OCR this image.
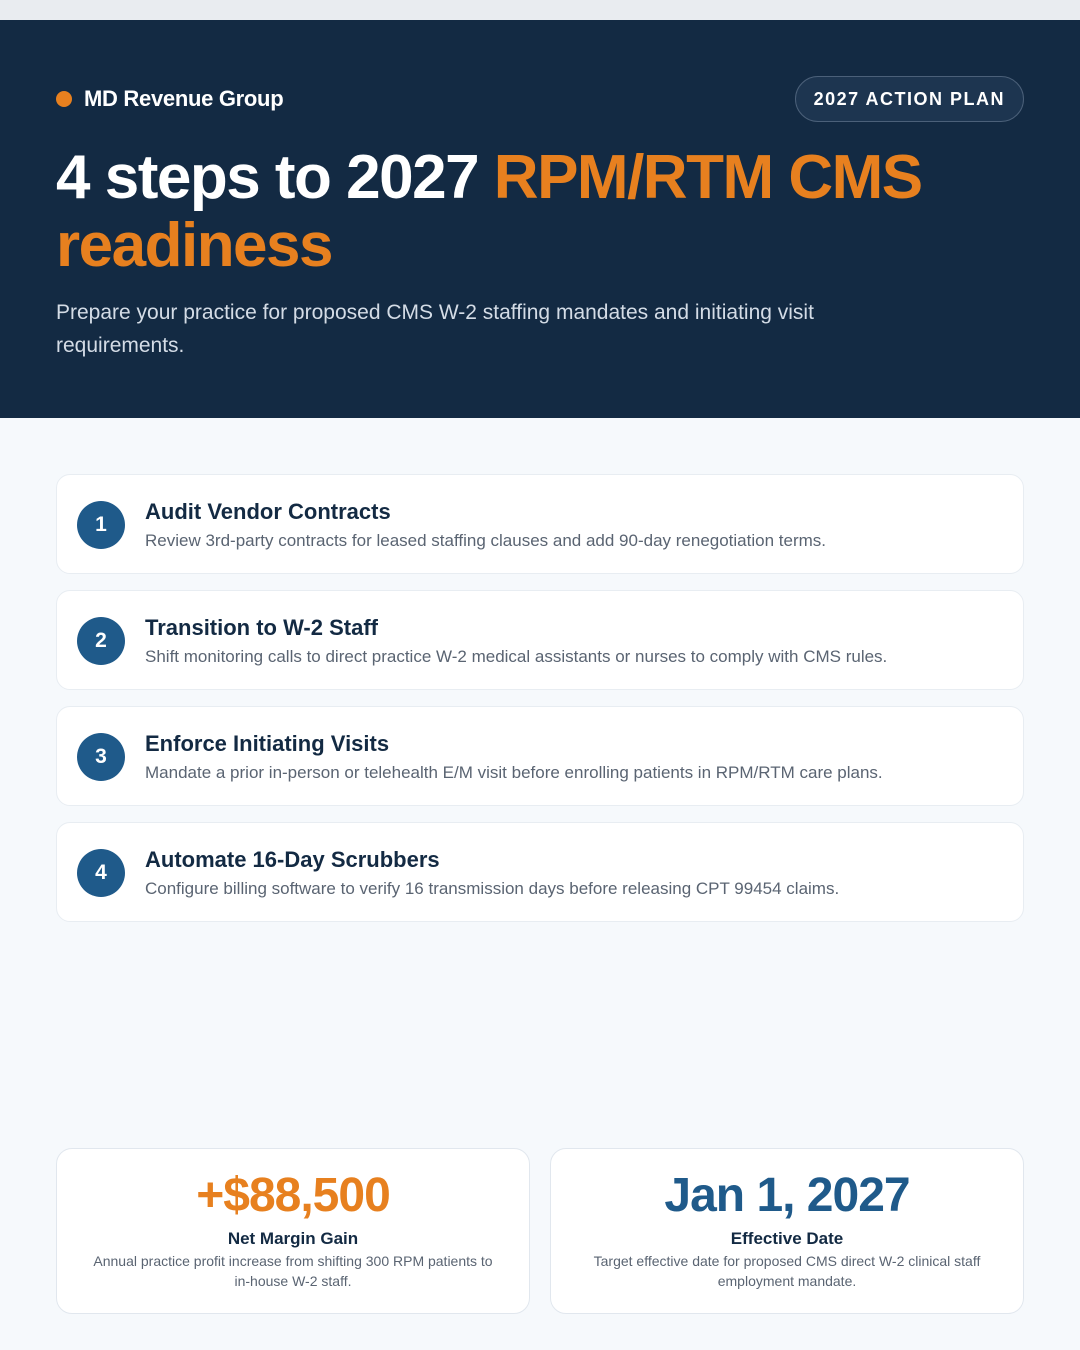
MD Revenue Group	2027 ACTION PLAN
4 steps to 2027 RPM/RTM CMS readiness

Prepare your practice for proposed CMS W-2 staffing mandates and initiating visit requirements.

1
Audit Vendor Contracts
Review 3rd-party contracts for leased staffing clauses and add 90-day renegotiation terms.
2
Transition to W-2 Staff
Shift monitoring calls to direct practice W-2 medical assistants or nurses to comply with CMS rules.
3
Enforce Initiating Visits
Mandate a prior in-person or telehealth E/M visit before enrolling patients in RPM/RTM care plans.
4
Automate 16-Day Scrubbers
Configure billing software to verify 16 transmission days before releasing CPT 99454 claims.
+$88,500
Net Margin Gain
Annual practice profit increase from shifting 300 RPM patients to in-house W-2 staff.
Jan 1, 2027
Effective Date
Target effective date for proposed CMS direct W-2 clinical staff employment mandate.
